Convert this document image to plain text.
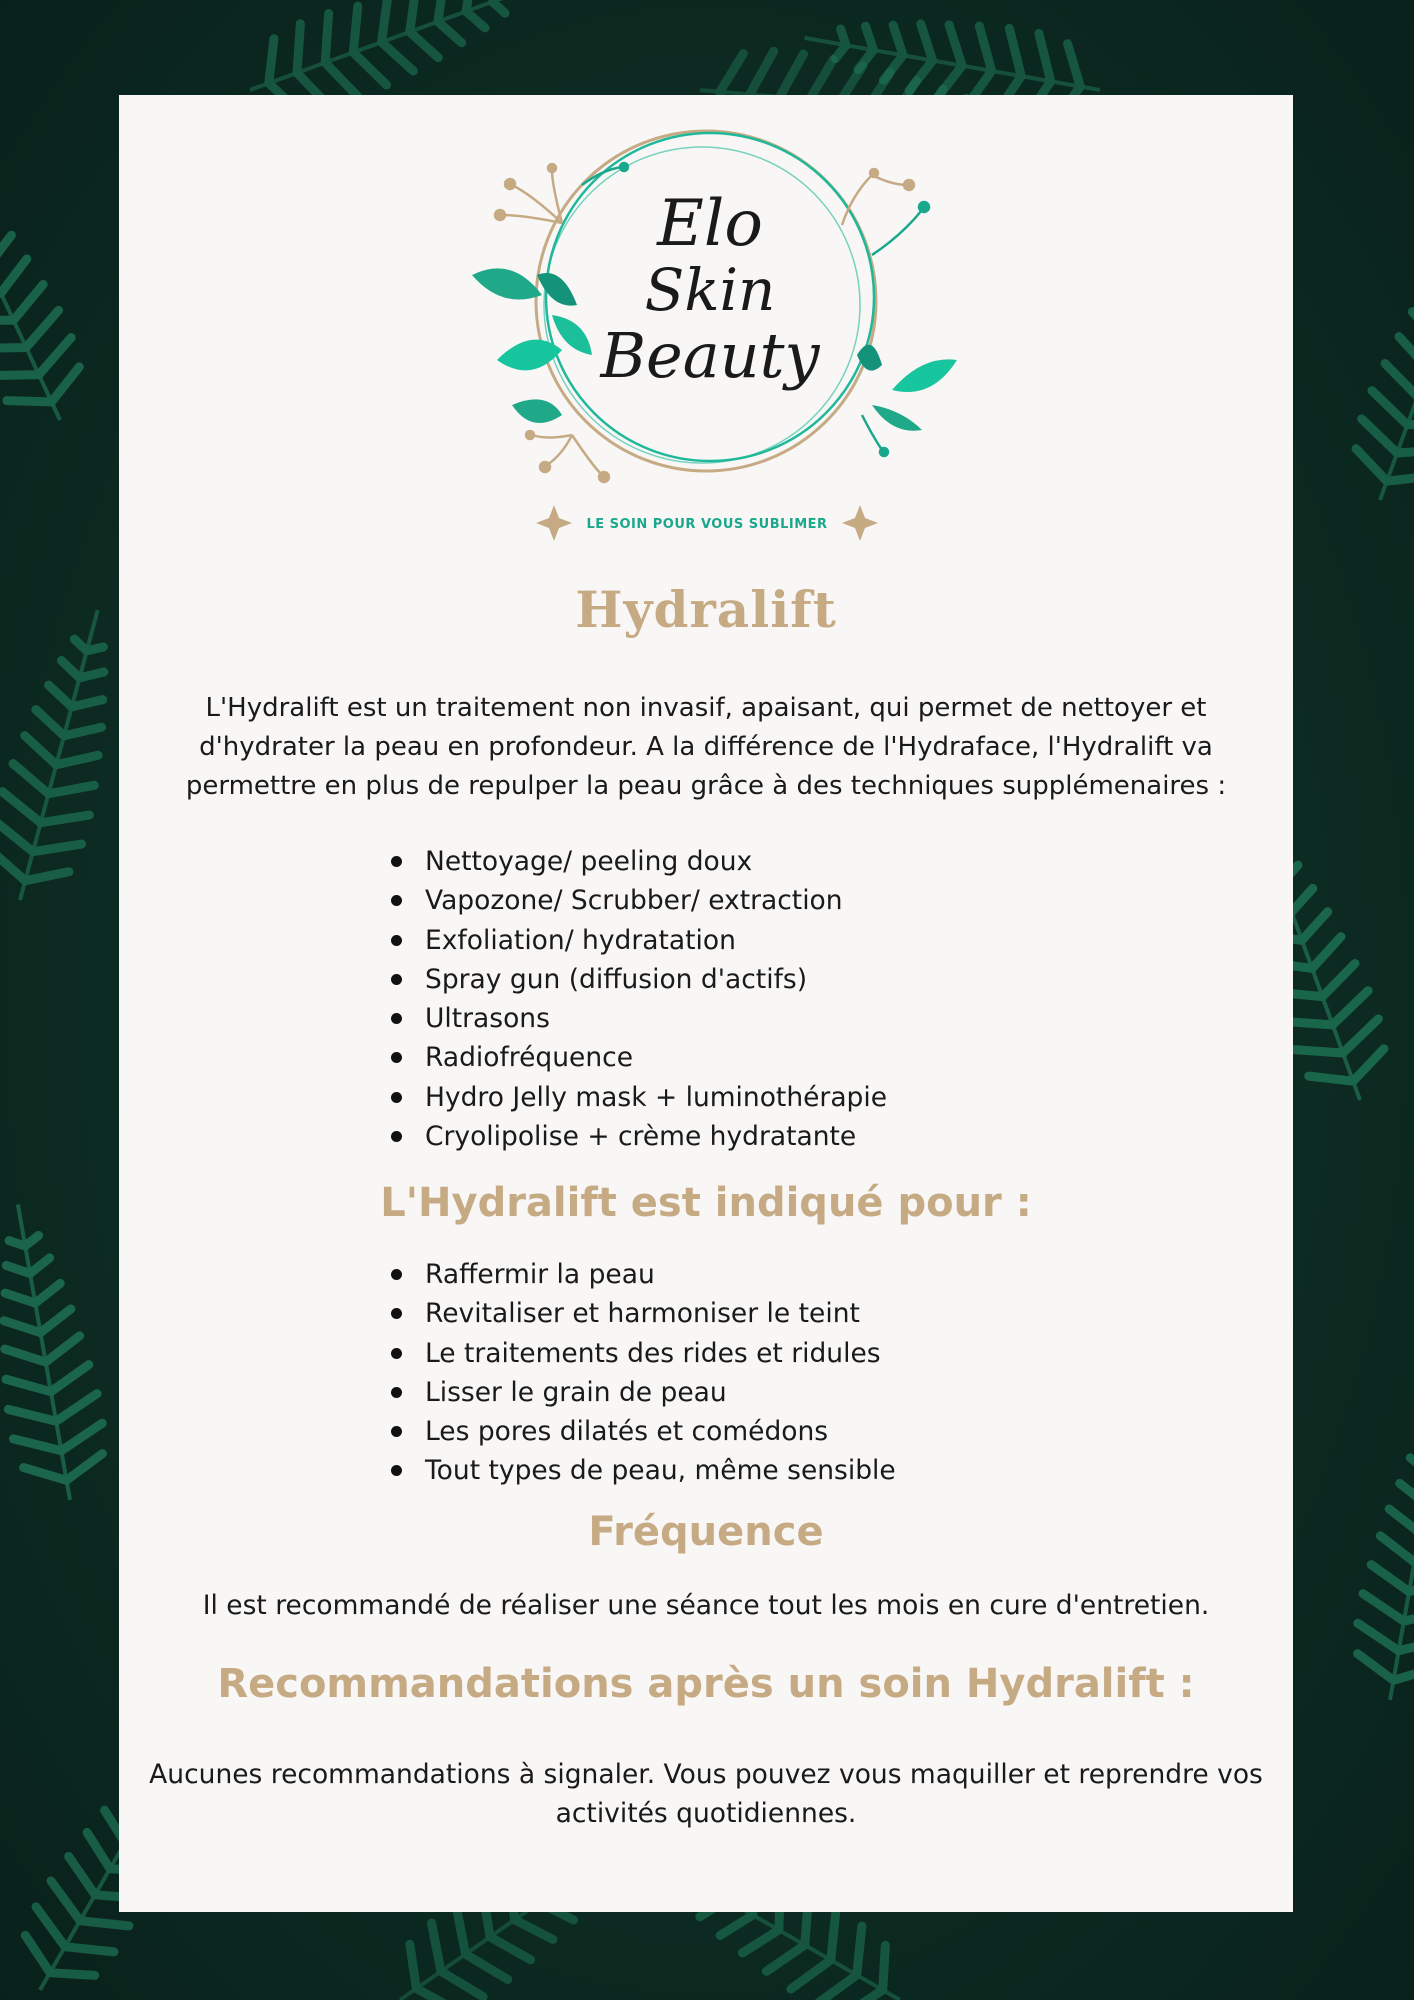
Elo
Skin
Beauty
LE SOIN POUR VOUS SUBLIMER
Hydralift

L'Hydralift est un traitement non invasif, apaisant, qui permet de nettoyer et d'hydrater la peau en profondeur. A la différence de l'Hydraface, l'Hydralift va permettre en plus de repulper la peau grâce à des techniques supplémenaires :

Nettoyage/ peeling doux
Vapozone/ Scrubber/ extraction
Exfoliation/ hydratation
Spray gun (diffusion d'actifs)
Ultrasons
Radiofréquence
Hydro Jelly mask + luminothérapie
Cryolipolise + crème hydratante
L'Hydralift est indiqué pour :
Raffermir la peau
Revitaliser et harmoniser le teint
Le traitements des rides et ridules
Lisser le grain de peau
Les pores dilatés et comédons
Tout types de peau, même sensible
Fréquence

Il est recommandé de réaliser une séance tout les mois en cure d'entretien.

Recommandations après un soin Hydralift :

Aucunes recommandations à signaler. Vous pouvez vous maquiller et reprendre vos activités quotidiennes.
